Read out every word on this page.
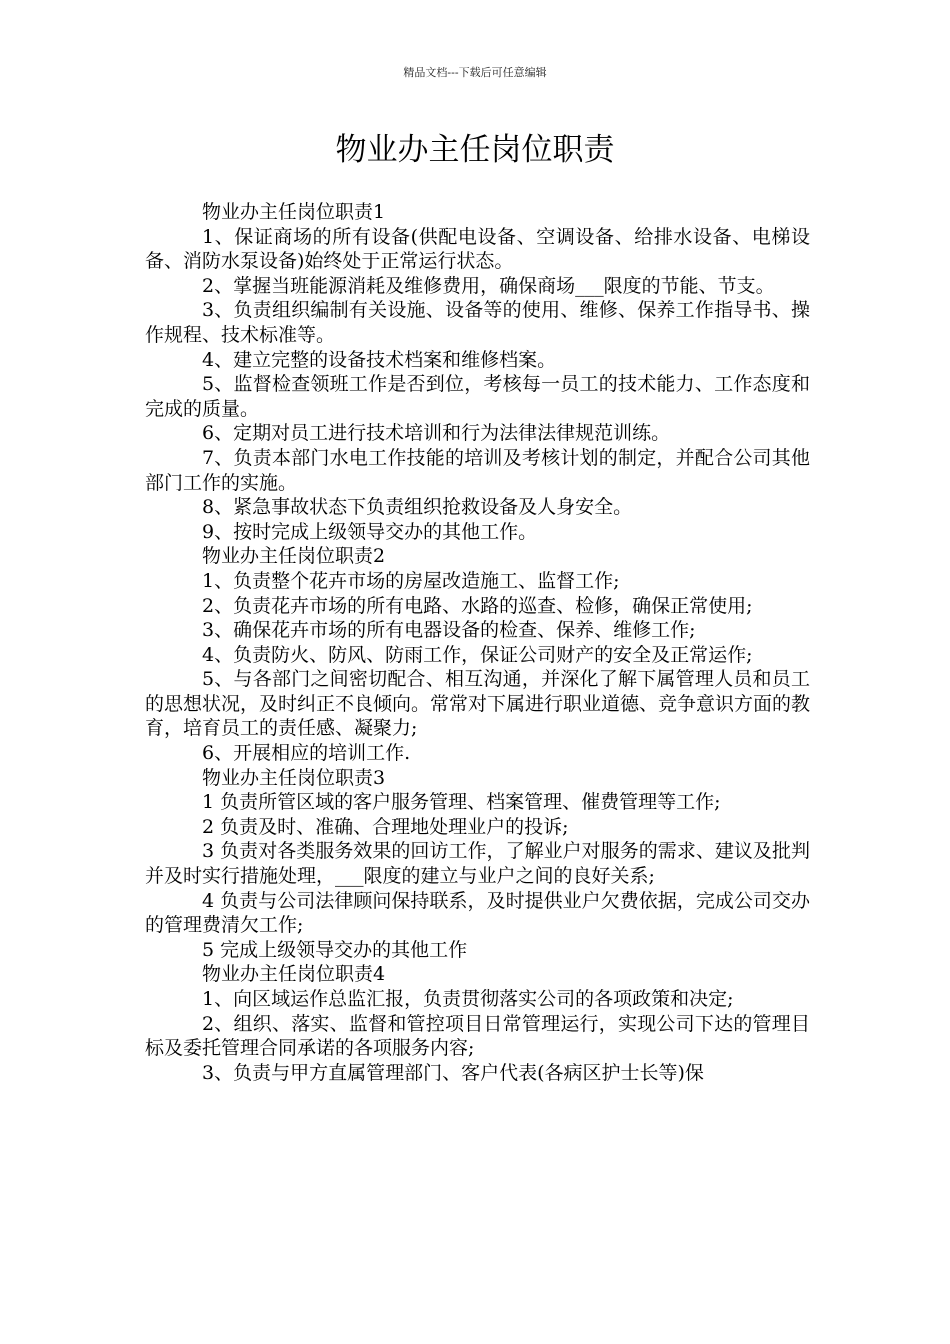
精品文档---下载后可任意编辑
物业办主任岗位职责

物业办主任岗位职责1

1、保证商场的所有设备(供配电设备、空调设备、给排水设备、电梯设备、消防水泵设备)始终处于正常运行状态。

2、掌握当班能源消耗及维修费用，确保商场___限度的节能、节支。

3、负责组织编制有关设施、设备等的使用、维修、保养工作指导书、操作规程、技术标准等。

4、建立完整的设备技术档案和维修档案。

5、监督检查领班工作是否到位，考核每一员工的技术能力、工作态度和完成的质量。

6、定期对员工进行技术培训和行为法律法律规范训练。

7、负责本部门水电工作技能的培训及考核计划的制定，并配合公司其他部门工作的实施。

8、紧急事故状态下负责组织抢救设备及人身安全。

9、按时完成上级领导交办的其他工作。

物业办主任岗位职责2

1、负责整个花卉市场的房屋改造施工、监督工作;

2、负责花卉市场的所有电路、水路的巡查、检修，确保正常使用;

3、确保花卉市场的所有电器设备的检查、保养、维修工作;

4、负责防火、防风、防雨工作，保证公司财产的安全及正常运作;

5、与各部门之间密切配合、相互沟通，并深化了解下属管理人员和员工的思想状况，及时纠正不良倾向。常常对下属进行职业道德、竞争意识方面的教育，培育员工的责任感、凝聚力;

6、开展相应的培训工作.

物业办主任岗位职责3

1 负责所管区域的客户服务管理、档案管理、催费管理等工作;

2 负责及时、准确、合理地处理业户的投诉;

3 负责对各类服务效果的回访工作，了解业户对服务的需求、建议及批判并及时实行措施处理，___限度的建立与业户之间的良好关系;

4 负责与公司法律顾问保持联系，及时提供业户欠费依据，完成公司交办的管理费清欠工作;

5 完成上级领导交办的其他工作

物业办主任岗位职责4

1、向区域运作总监汇报，负责贯彻落实公司的各项政策和决定;

2、组织、落实、监督和管控项目日常管理运行，实现公司下达的管理目标及委托管理合同承诺的各项服务内容;

3、负责与甲方直属管理部门、客户代表(各病区护士长等)保
